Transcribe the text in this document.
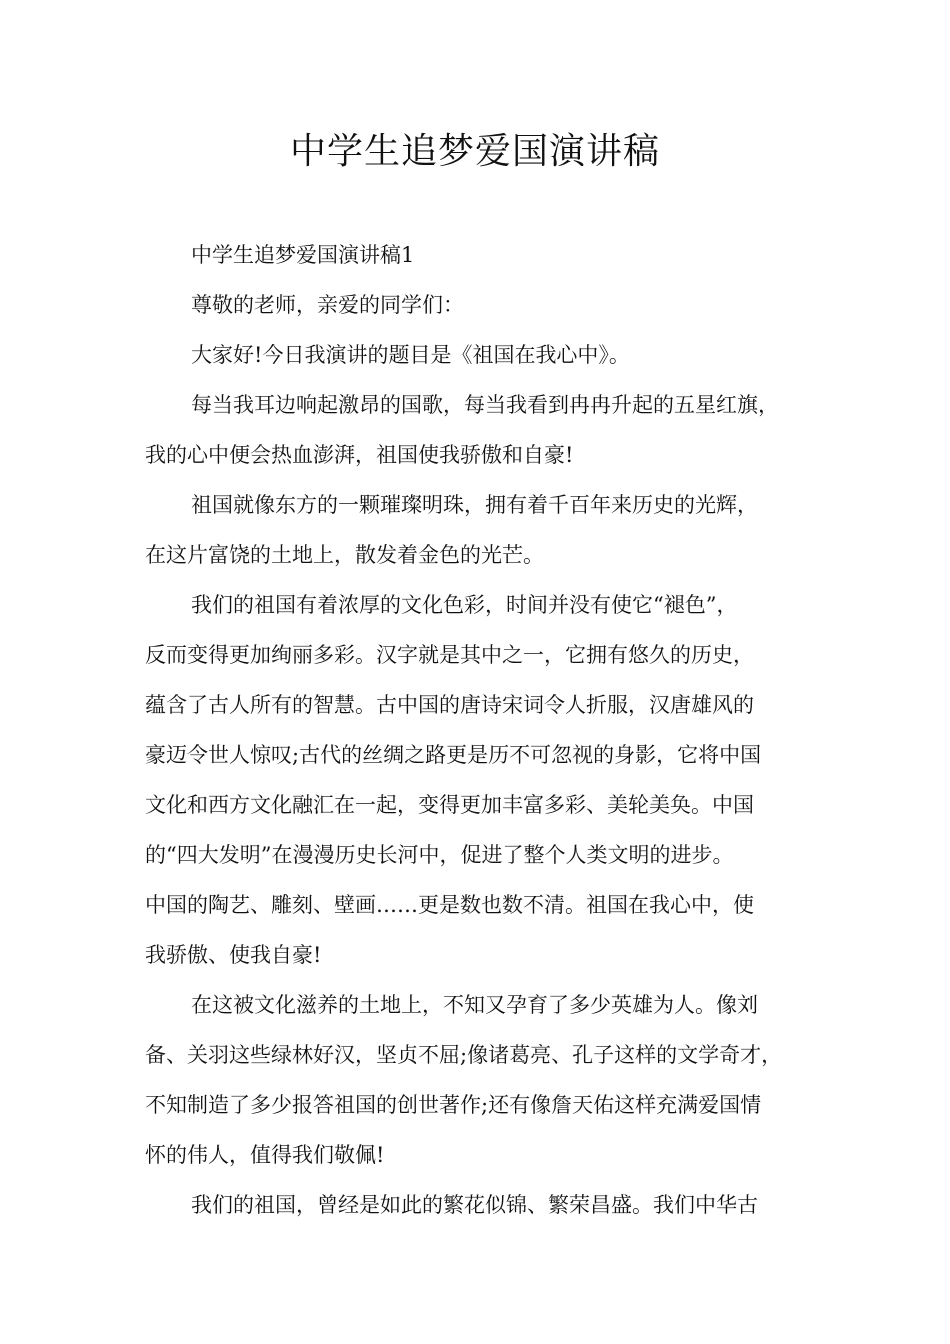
中学生追梦爱国演讲稿
中学生追梦爱国演讲稿1
尊敬的老师，亲爱的同学们：
大家好!今日我演讲的题目是《祖国在我心中》。
每当我耳边响起激昂的国歌，每当我看到冉冉升起的五星红旗，
我的心中便会热血澎湃，祖国使我骄傲和自豪!
祖国就像东方的一颗璀璨明珠，拥有着千百年来历史的光辉，
在这片富饶的土地上，散发着金色的光芒。
我们的祖国有着浓厚的文化色彩，时间并没有使它“褪色”，
反而变得更加绚丽多彩。汉字就是其中之一，它拥有悠久的历史，
蕴含了古人所有的智慧。古中国的唐诗宋词令人折服，汉唐雄风的
豪迈令世人惊叹;古代的丝绸之路更是历不可忽视的身影，它将中国
文化和西方文化融汇在一起，变得更加丰富多彩、美轮美奂。中国
的“四大发明”在漫漫历史长河中，促进了整个人类文明的进步。
中国的陶艺、雕刻、壁画……更是数也数不清。祖国在我心中，使
我骄傲、使我自豪!
在这被文化滋养的土地上，不知又孕育了多少英雄为人。像刘
备、关羽这些绿林好汉，坚贞不屈;像诸葛亮、孔子这样的文学奇才，
不知制造了多少报答祖国的创世著作;还有像詹天佑这样充满爱国情
怀的伟人，值得我们敬佩!
我们的祖国，曾经是如此的繁花似锦、繁荣昌盛。我们中华古
